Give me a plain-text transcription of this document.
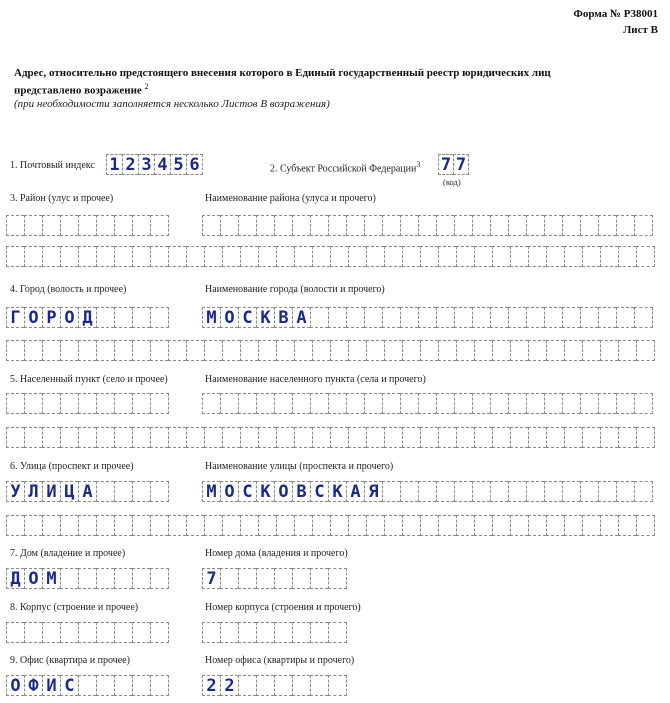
Форма № Р38001
Лист В
Адрес, относительно предстоящего внесения которого в Единый государственный реестр юридических лиц представлено возражение $^2$
(при необходимости заполняется несколько Листов В возражения)
1. Почтовый индекс 1 2 3 4 5 6	2. Субъект Российской Федерации$^3$ 7 7
(код)
3. Район (улус и прочее)	Наименование района (улуса и прочего)
4. Город (волость и прочее)	Наименование города (волости и прочего)
Г О Р О Д	М О С К В А
5. Населенный пункт (село и прочее)	Наименование населенного пункта (села и прочего)
6. Улица (проспект и прочее)	Наименование улицы (проспекта и прочего)
У Л И Ц А	М О С К О В С К А Я
7. Дом (владение и прочее)	Номер дома (владения и прочего)
Д О М	7
8. Корпус (строение и прочее)	Номер корпуса (строения и прочего)
9. Офис (квартира и прочее)	Номер офиса (квартиры и прочего)
О Ф И С	2 2
